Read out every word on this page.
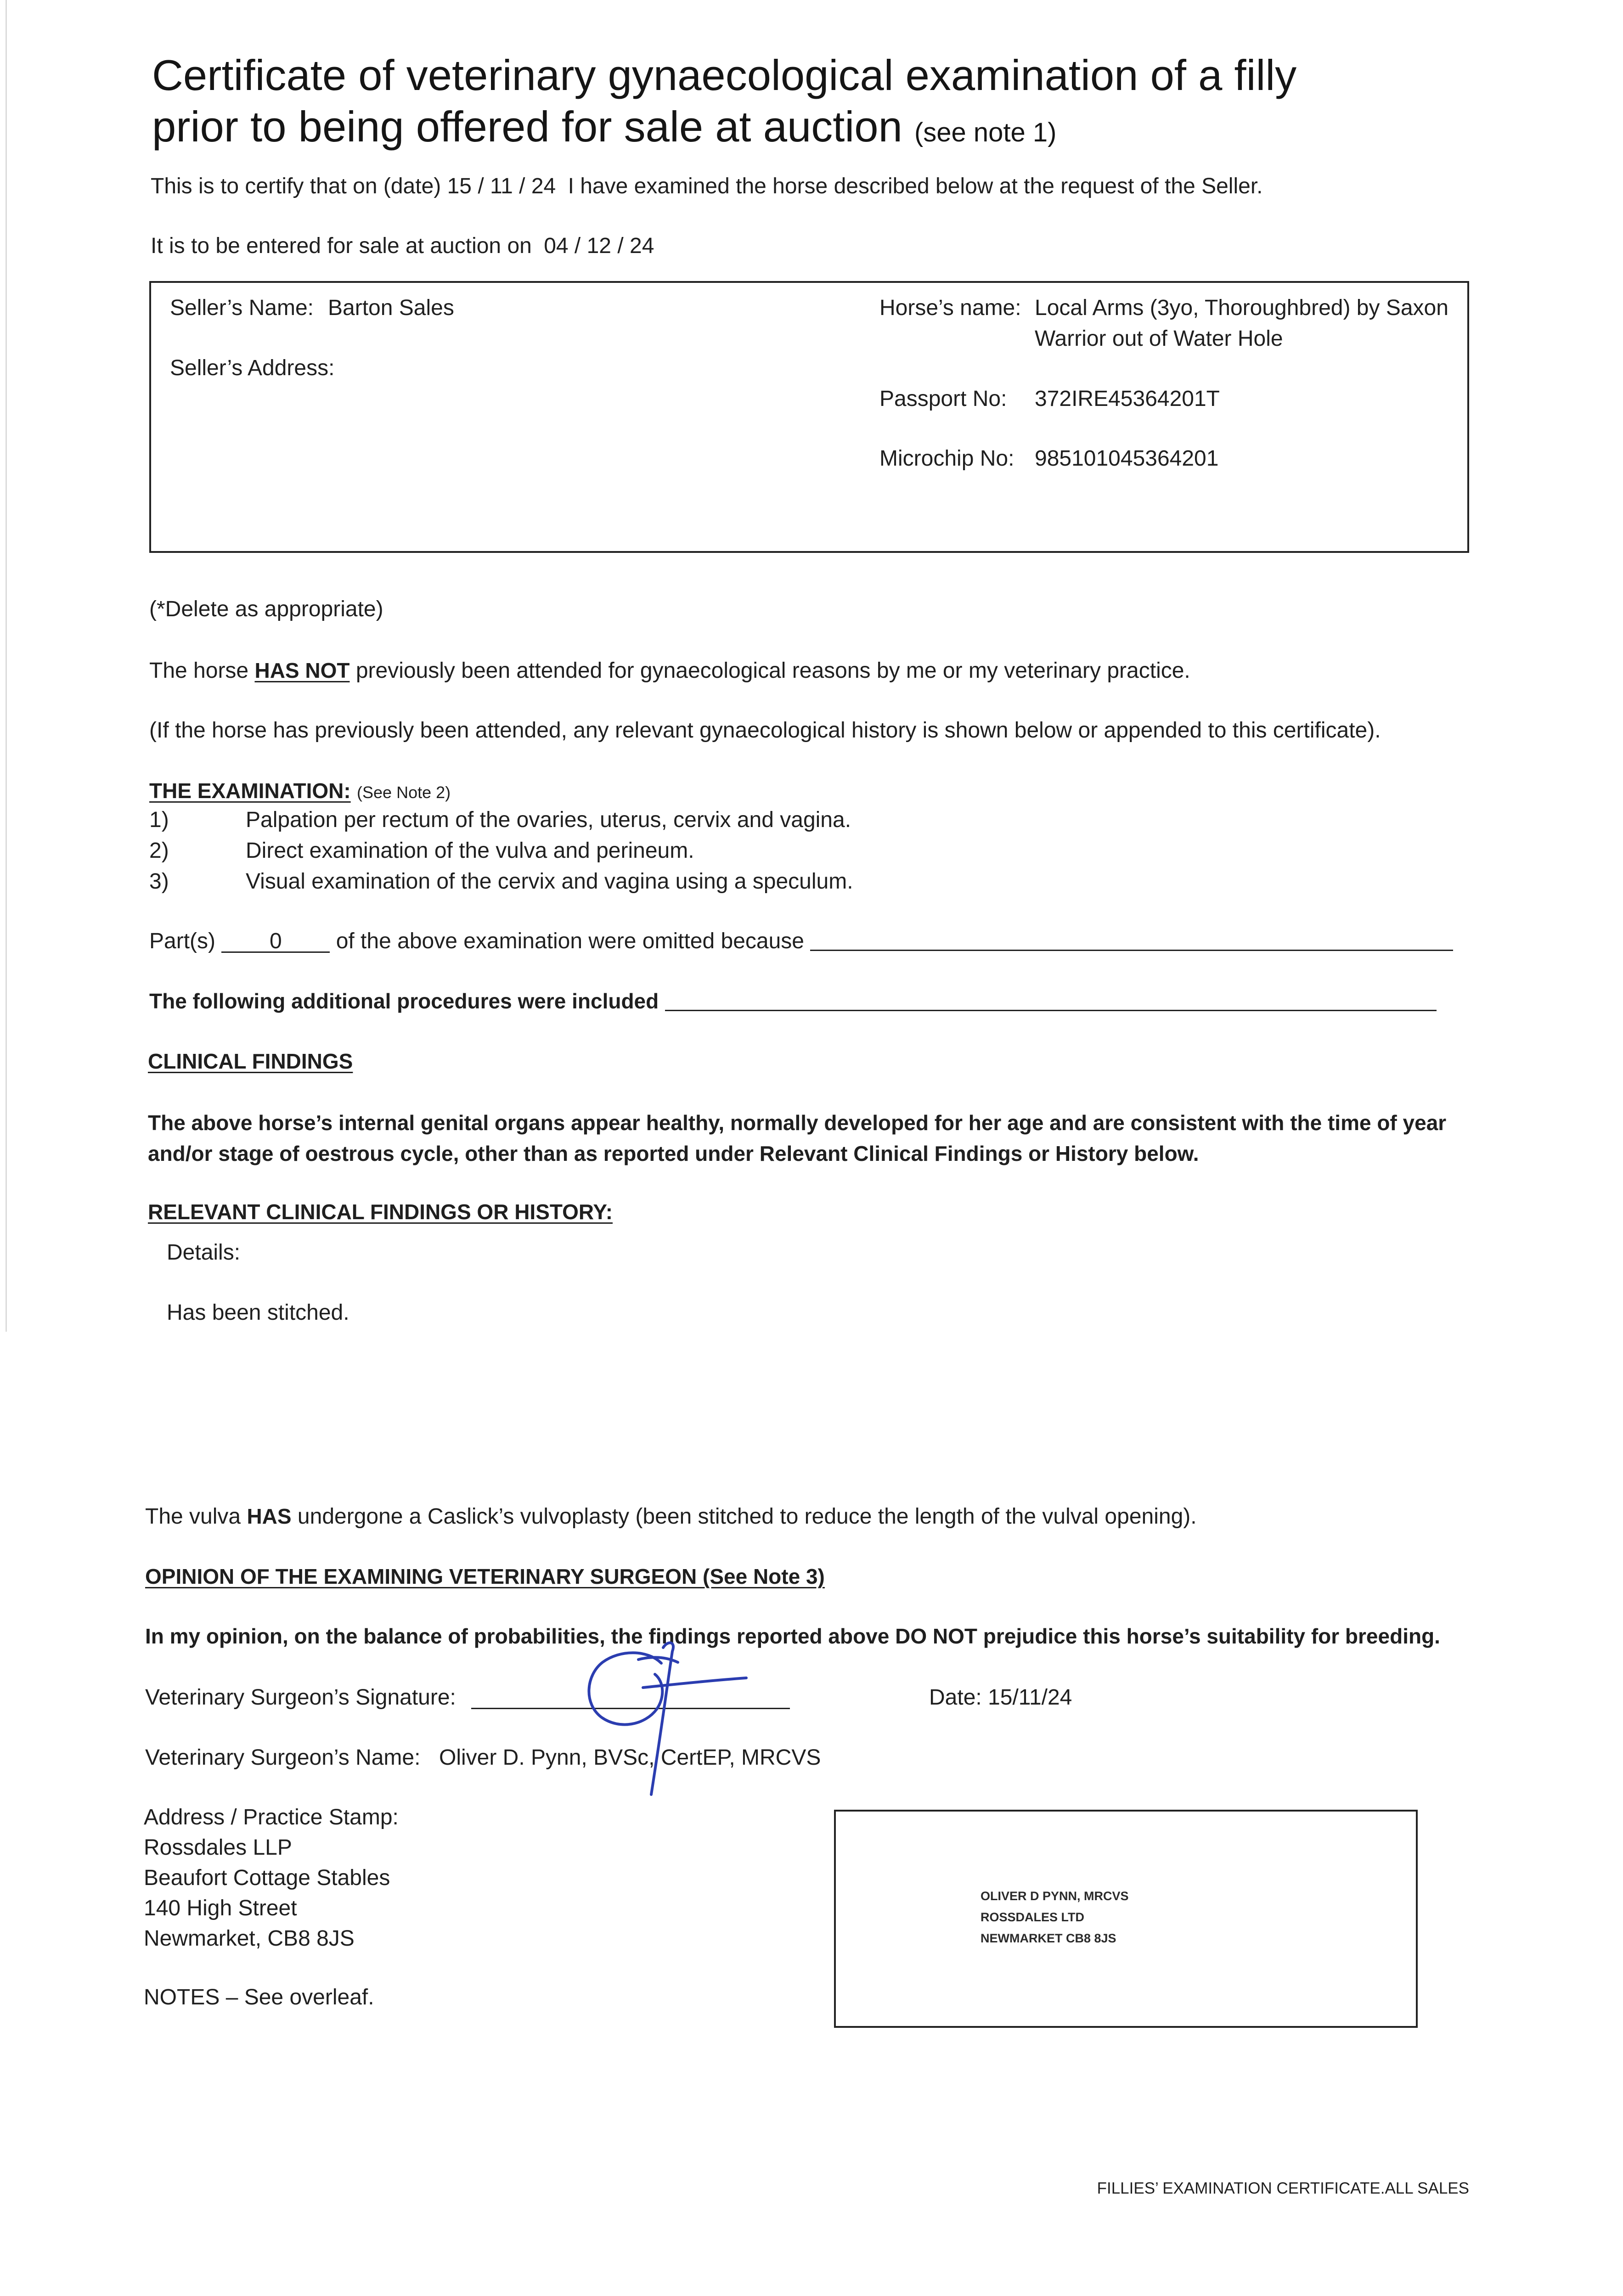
Certificate of veterinary gynaecological examination of a filly prior to being offered for sale at auction (see note 1)
This is to certify that on (date) 15 / 11 / 24 I have examined the horse described below at the request of the Seller.
It is to be entered for sale at auction on 04 / 12 / 24
Seller’s Name: Barton Sales
Seller’s Address:
Horse’s name: Local Arms (3yo, Thoroughbred) by Saxon Warrior out of Water Hole
Passport No: 372IRE45364201T
Microchip No: 985101045364201
(*Delete as appropriate)
The horse HAS NOT previously been attended for gynaecological reasons by me or my veterinary practice.
(If the horse has previously been attended, any relevant gynaecological history is shown below or appended to this certificate).
THE EXAMINATION: (See Note 2)
1)	Palpation per rectum of the ovaries, uterus, cervix and vagina.
2)	Direct examination of the vulva and perineum.
3)	Visual examination of the cervix and vagina using a speculum.
Part(s) 0 of the above examination were omitted because
The following additional procedures were included
CLINICAL FINDINGS
The above horse’s internal genital organs appear healthy, normally developed for her age and are consistent with the time of year and/or stage of oestrous cycle, other than as reported under Relevant Clinical Findings or History below.
RELEVANT CLINICAL FINDINGS OR HISTORY:
Details:
Has been stitched.
The vulva HAS undergone a Caslick’s vulvoplasty (been stitched to reduce the length of the vulval opening).
OPINION OF THE EXAMINING VETERINARY SURGEON (See Note 3)
In my opinion, on the balance of probabilities, the findings reported above DO NOT prejudice this horse’s suitability for breeding.
Veterinary Surgeon’s Signature:	Date: 15/11/24
Veterinary Surgeon’s Name: Oliver D. Pynn, BVSc, CertEP, MRCVS
Address / Practice Stamp:
Rossdales LLP
Beaufort Cottage Stables
140 High Street
Newmarket, CB8 8JS
NOTES – See overleaf.
OLIVER D PYNN, MRCVS
ROSSDALES LTD
NEWMARKET CB8 8JS
FILLIES’ EXAMINATION CERTIFICATE.ALL SALES
